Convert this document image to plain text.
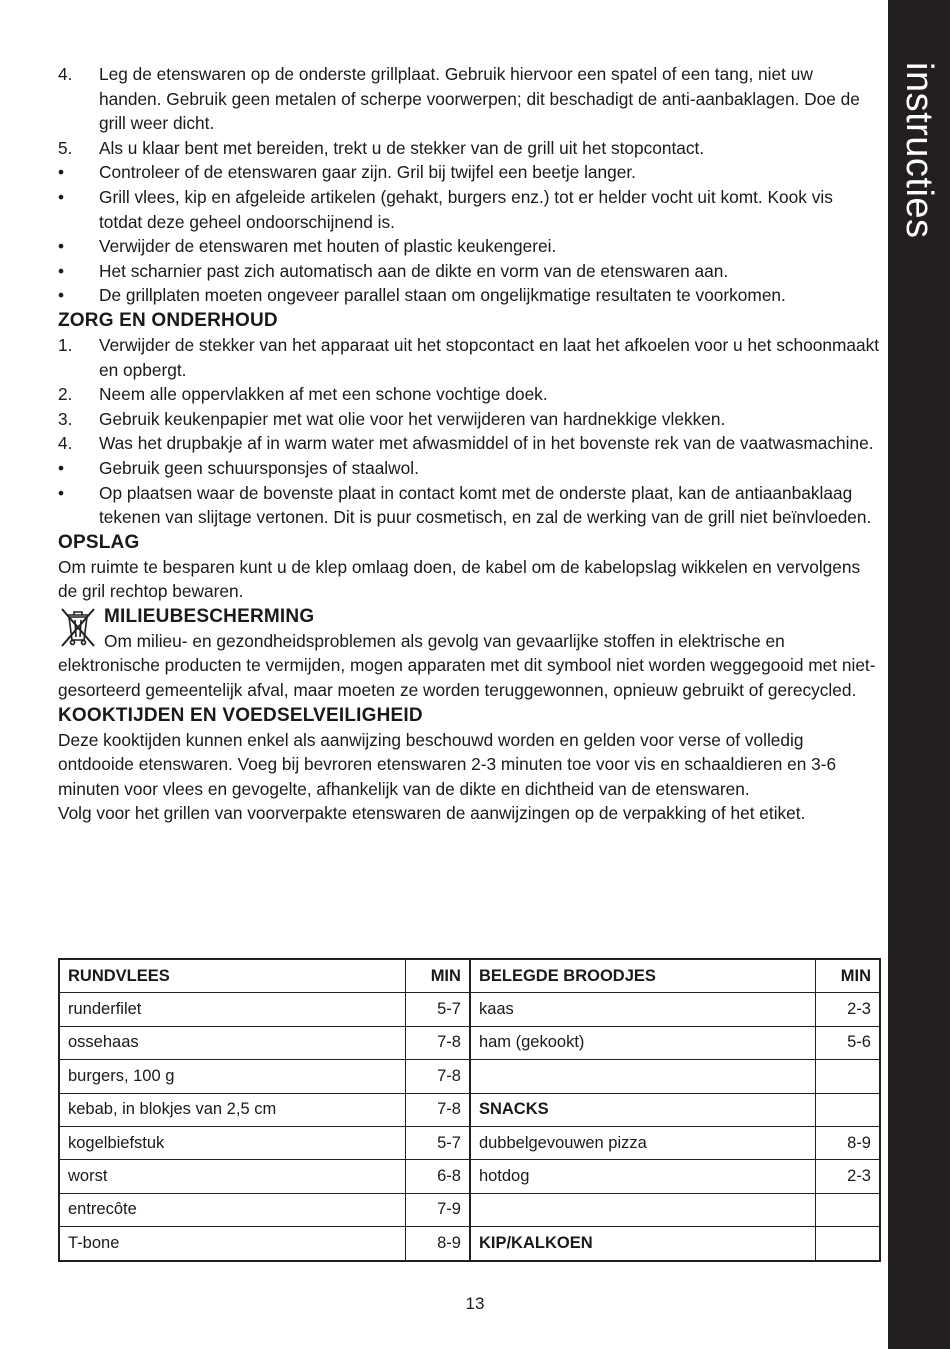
instructies
4.	Leg de etenswaren op de onderste grillplaat. Gebruik hiervoor een spatel of een tang, niet uw handen. Gebruik geen metalen of scherpe voorwerpen; dit beschadigt de anti-aanbaklagen. Doe de grill weer dicht.
5.	Als u klaar bent met bereiden, trekt u de stekker van de grill uit het stopcontact.
•	Controleer of de etenswaren gaar zijn. Gril bij twijfel een beetje langer.
•	Grill vlees, kip en afgeleide artikelen (gehakt, burgers enz.) tot er helder vocht uit komt. Kook vis totdat deze geheel ondoorschijnend is.
•	Verwijder de etenswaren met houten of plastic keukengerei.
•	Het scharnier past zich automatisch aan de dikte en vorm van de etenswaren aan.
•	De grillplaten moeten ongeveer parallel staan om ongelijkmatige resultaten te voorkomen.
ZORG EN ONDERHOUD
1.	Verwijder de stekker van het apparaat uit het stopcontact en laat het afkoelen voor u het schoonmaakt en opbergt.
2.	Neem alle oppervlakken af met een schone vochtige doek.
3.	Gebruik keukenpapier met wat olie voor het verwijderen van hardnekkige vlekken.
4.	Was het drupbakje af in warm water met afwasmiddel of in het bovenste rek van de vaatwasmachine.
•	Gebruik geen schuursponsjes of staalwol.
•	Op plaatsen waar de bovenste plaat in contact komt met de onderste plaat, kan de antiaanbaklaag tekenen van slijtage vertonen. Dit is puur cosmetisch, en zal de werking van de grill niet beïnvloeden.
OPSLAG

Om ruimte te besparen kunt u de klep omlaag doen, de kabel om de kabelopslag wikkelen en vervolgens de gril rechtop bewaren.

MILIEUBESCHERMING

Om milieu- en gezondheidsproblemen als gevolg van gevaarlijke stoffen in elektrische en

elektronische producten te vermijden, mogen apparaten met dit symbool niet worden weggegooid met niet-gesorteerd gemeentelijk afval, maar moeten ze worden teruggewonnen, opnieuw gebruikt of gerecycled.

KOOKTIJDEN EN VOEDSELVEILIGHEID

Deze kooktijden kunnen enkel als aanwijzing beschouwd worden en gelden voor verse of volledig ontdooide etenswaren. Voeg bij bevroren etenswaren 2-3 minuten toe voor vis en schaaldieren en 3-6 minuten voor vlees en gevogelte, afhankelijk van de dikte en dichtheid van de etenswaren.

Volg voor het grillen van voorverpakte etenswaren de aanwijzingen op de verpakking of het etiket.

RUNDVLEES	MIN	BELEGDE BROODJES	MIN
runderfilet	5-7	kaas	2-3
ossehaas	7-8	ham (gekookt)	5-6
burgers, 100 g	7-8		
kebab, in blokjes van 2,5 cm	7-8	SNACKS	
kogelbiefstuk	5-7	dubbelgevouwen pizza	8-9
worst	6-8	hotdog	2-3
entrecôte	7-9		
T-bone	8-9	KIP/KALKOEN	
13
